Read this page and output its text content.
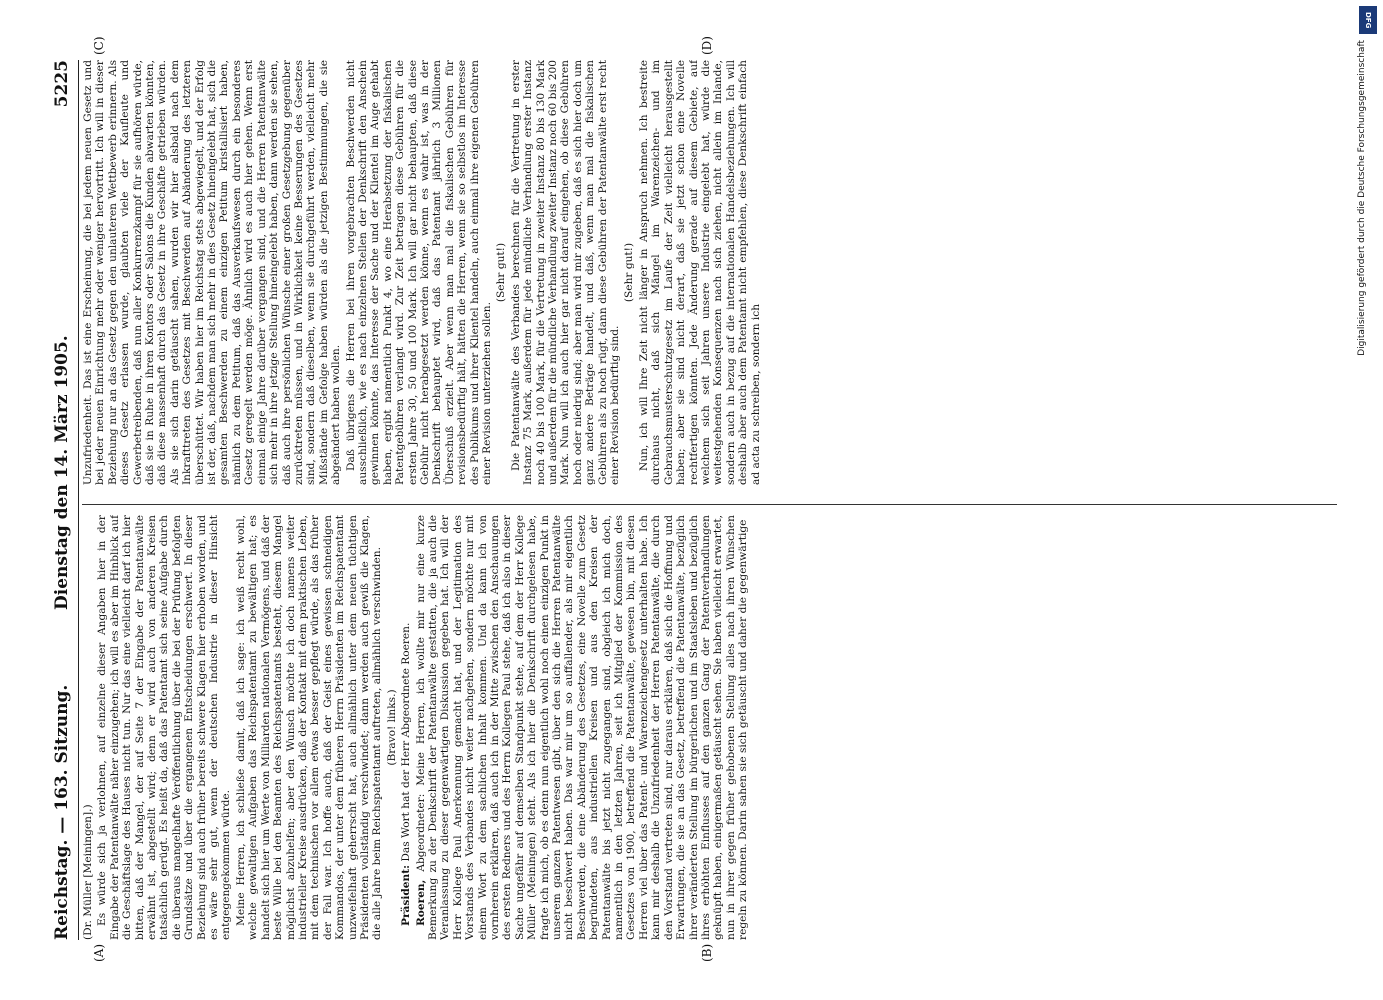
Reichstag. — 163. Sitzung.
Dienstag den 14. März 1905.
5225
(A)	(B)
(C)	(D)

(Dr. Müller [Meiningen].) Es würde sich ja verlohnen, auf einzelne dieser Angaben hier in der Eingabe der Patentanwälte näher einzugehen; ich will es aber im Hinblick auf die Geschäftslage des Hauses nicht tun. Nur das eine vielleicht darf ich hier bitten, daß der Mangel, der auf Seite 7 der Eingabe der Patentanwälte erwähnt ist, abgestellt wird; denn er wird auch von anderen Kreisen tatsächlich gerügt. Es heißt da, daß das Patentamt sich seine Aufgabe durch die überaus mangelhafte Veröffentlichung über die bei der Prüfung befolgten Grundsätze und über die ergangenen Entscheidungen erschwert. In dieser Beziehung sind auch früher bereits schwere Klagen hier erhoben worden, und es wäre sehr gut, wenn der deutschen Industrie in dieser Hinsicht entgegengekommen würde. Meine Herren, ich schließe damit, daß ich sage: ich weiß recht wohl, welche gewaltigen Aufgaben das Reichspatentamt zu bewältigen hat; es handelt sich hier um Werte von Milliarden nationalen Vermögens, und daß der beste Wille bei den Beamten des Reichspatentamts besteht, diesem Mangel möglichst abzuhelfen; aber den Wunsch möchte ich doch namens weiter industrieller Kreise ausdrücken, daß der Kontakt mit dem praktischen Leben, mit dem technischen vor allem etwas besser gepflegt würde, als das früher der Fall war. Ich hoffe auch, daß der Geist eines gewissen schneidigen Kommandos, der unter dem früheren Herrn Präsidenten im Reichspatentamt unzweifelhaft geherrscht hat, auch allmählich unter dem neuen tüchtigen Präsidenten vollständig verschwindet; dann werden auch gewiß die Klagen, die alle Jahre beim Reichspatentamt auftreten, allmählich verschwinden. (Bravo! links.)

Präsident: Das Wort hat der Herr Abgeordnete Roeren.

Roeren, Abgeordneter: Meine Herren, ich wollte mir nur eine kurze Bemerkung zu der Denkschrift der Patentanwälte gestatten, die ja auch die Veranlassung zu dieser gegenwärtigen Diskussion gegeben hat. Ich will der Herr Kollege Paul Anerkennung gemacht hat, und der Legitimation des Vorstands des Verbandes nicht weiter nachgehen, sondern möchte nur mit einem Wort zu dem sachlichen Inhalt kommen. Und da kann ich von vornherein erklären, daß auch ich in der Mitte zwischen den Anschauungen des ersten Redners und des Herrn Kollegen Paul stehe, daß ich also in dieser Sache ungefähr auf demselben Standpunkt stehe, auf dem der Herr Kollege Müller (Meiningen) steht. Als ich hier die Denkschrift durchgelesen habe, fragte ich mich, ob es denn nun eigentlich wohl noch einen einzigen Punkt in unserem ganzen Patentwesen gibt, über den sich die Herren Patentanwälte nicht beschwert haben. Das war mir um so auffallender, als mir eigentlich Beschwerden, die eine Abänderung des Gesetzes, eine Novelle zum Gesetz begründeten, aus industriellen Kreisen und aus den Kreisen der Patentanwälte bis jetzt nicht zugegangen sind, obgleich ich mich doch, namentlich in den letzten Jahren, seit ich Mitglied der Kommission des Gesetzes von 1900, betreffend die Patentanwälte, gewesen bin, mit diesen Herren viel über das Patent- und Warenzeichengesetz unterhalten habe. Ich kann mir deshalb die Unzufriedenheit der Herren Patentanwälte, die durch den Vorstand vertreten sind, nur daraus erklären, daß sich die Hoffnung und Erwartungen, die sie an das Gesetz, betreffend die Patentanwälte, bezüglich ihrer veränderten Stellung im bürgerlichen und im Staatsleben und bezüglich ihres erhöhten Einflusses auf den ganzen Gang der Patentverhandlungen geknüpft haben, einigermaßen getäuscht sehen. Sie haben vielleicht erwartet, nun in ihrer gegen früher gehobenen Stellung alles nach ihren Wünschen regeln zu können. Darin sahen sie sich getäuscht und daher die gegenwärtige

Unzufriedenheit. Das ist eine Erscheinung, die bei jedem neuen Gesetz und bei jeder neuen Einrichtung mehr oder weniger hervortritt. Ich will in dieser Beziehung nur an das Gesetz gegen den unlauteren Wettbewerb erinnern. Als dieses Gesetz erlassen wurde, glaubten viele der Kaufleute und Gewerbetreibenden, daß nun aller Konkurrenzkampf für sie aufhören würde, daß sie in Ruhe in ihren Kontors oder Salons die Kunden abwarten könnten, daß diese massenhaft durch das Gesetz in ihre Geschäfte getrieben würden. Als sie sich darin getäuscht sahen, wurden wir hier alsbald nach dem Inkrafttreten des Gesetzes mit Beschwerden auf Abänderung des letzteren überschüttet. Wir haben hier im Reichstag stets abgewiegelt, und der Erfolg ist der, daß, nachdem man sich mehr in dies Gesetz hineingelebt hat, sich die gesamten Beschwerden zu einem einzigen Petitum kristallisiert haben, nämlich zu dem Petitum, daß das Ausverkaufswesen durch ein besonderes Gesetz geregelt werden möge. Ähnlich wird es auch hier gehen. Wenn erst einmal einige Jahre darüber vergangen sind, und die Herren Patentanwälte sich mehr in ihre jetzige Stellung hineingelebt haben, dann werden sie sehen, daß auch ihre persönlichen Wünsche einer großen Gesetzgebung gegenüber zurücktreten müssen, und in Wirklichkeit keine Besserungen des Gesetzes sind, sondern daß dieselben, wenn sie durchgeführt werden, vielleicht mehr Mißstände im Gefolge haben würden als die jetzigen Bestimmungen, die sie abgeändert haben wollen. Daß übrigens die Herren bei ihren vorgebrachten Beschwerden nicht ausschließlich, wie es nach einzelnen Stellen der Denkschrift den Anschein gewinnen könnte, das Interesse der Sache und der Klientel im Auge gehabt haben, ergibt namentlich Punkt 4, wo eine Herabsetzung der fiskalischen Patentgebühren verlangt wird. Zur Zeit betragen diese Gebühren für die ersten Jahre 30, 50 und 100 Mark. Ich will gar nicht behaupten, daß diese Gebühr nicht herabgesetzt werden könne, wenn es wahr ist, was in der Denkschrift behauptet wird, daß das Patentamt jährlich 3 Millionen Überschuß erzielt. Aber wenn man mal die fiskalischen Gebühren für revisionsbedürftig hält, hätten die Herren, wenn sie so selbstlos im Interesse des Publikums und ihrer Klientel handeln, auch einmal ihre eigenen Gebühren einer Revision unterziehen sollen.

(Sehr gut!) Die Patentanwälte des Verbandes berechnen für die Vertretung in erster Instanz 75 Mark, außerdem für jede mündliche Verhandlung erster Instanz noch 40 bis 100 Mark, für die Vertretung in zweiter Instanz 80 bis 130 Mark und außerdem für die mündliche Verhandlung zweiter Instanz noch 60 bis 200 Mark. Nun will ich auch hier gar nicht darauf eingehen, ob diese Gebühren hoch oder niedrig sind; aber man wird mir zugeben, daß es sich hier doch um ganz andere Beträge handelt, und daß, wenn man mal die fiskalischen Gebühren als zu hoch rügt, dann diese Gebühren der Patentanwälte erst recht einer Revision bedürftig sind.

(Sehr gut!) Nun, ich will Ihre Zeit nicht länger in Anspruch nehmen. Ich bestreite durchaus nicht, daß sich Mängel im Warenzeichen- und im Gebrauchsmusterschutzgesetz im Laufe der Zeit vielleicht herausgestellt haben; aber sie sind nicht derart, daß sie jetzt schon eine Novelle rechtfertigen könnten. Jede Änderung gerade auf diesem Gebiete, auf welchem sich seit Jahren unsere Industrie eingelebt hat, würde die weitestgehenden Konsequenzen nach sich ziehen, nicht allein im Inlande, sondern auch in bezug auf die internationalen Handelsbeziehungen. Ich will deshalb aber auch dem Patentamt nicht empfehlen, diese Denkschrift einfach ad acta zu schreiben, sondern ich

Digitalisierung gefördert durch die Deutsche Forschungsgemeinschaft
DFG
